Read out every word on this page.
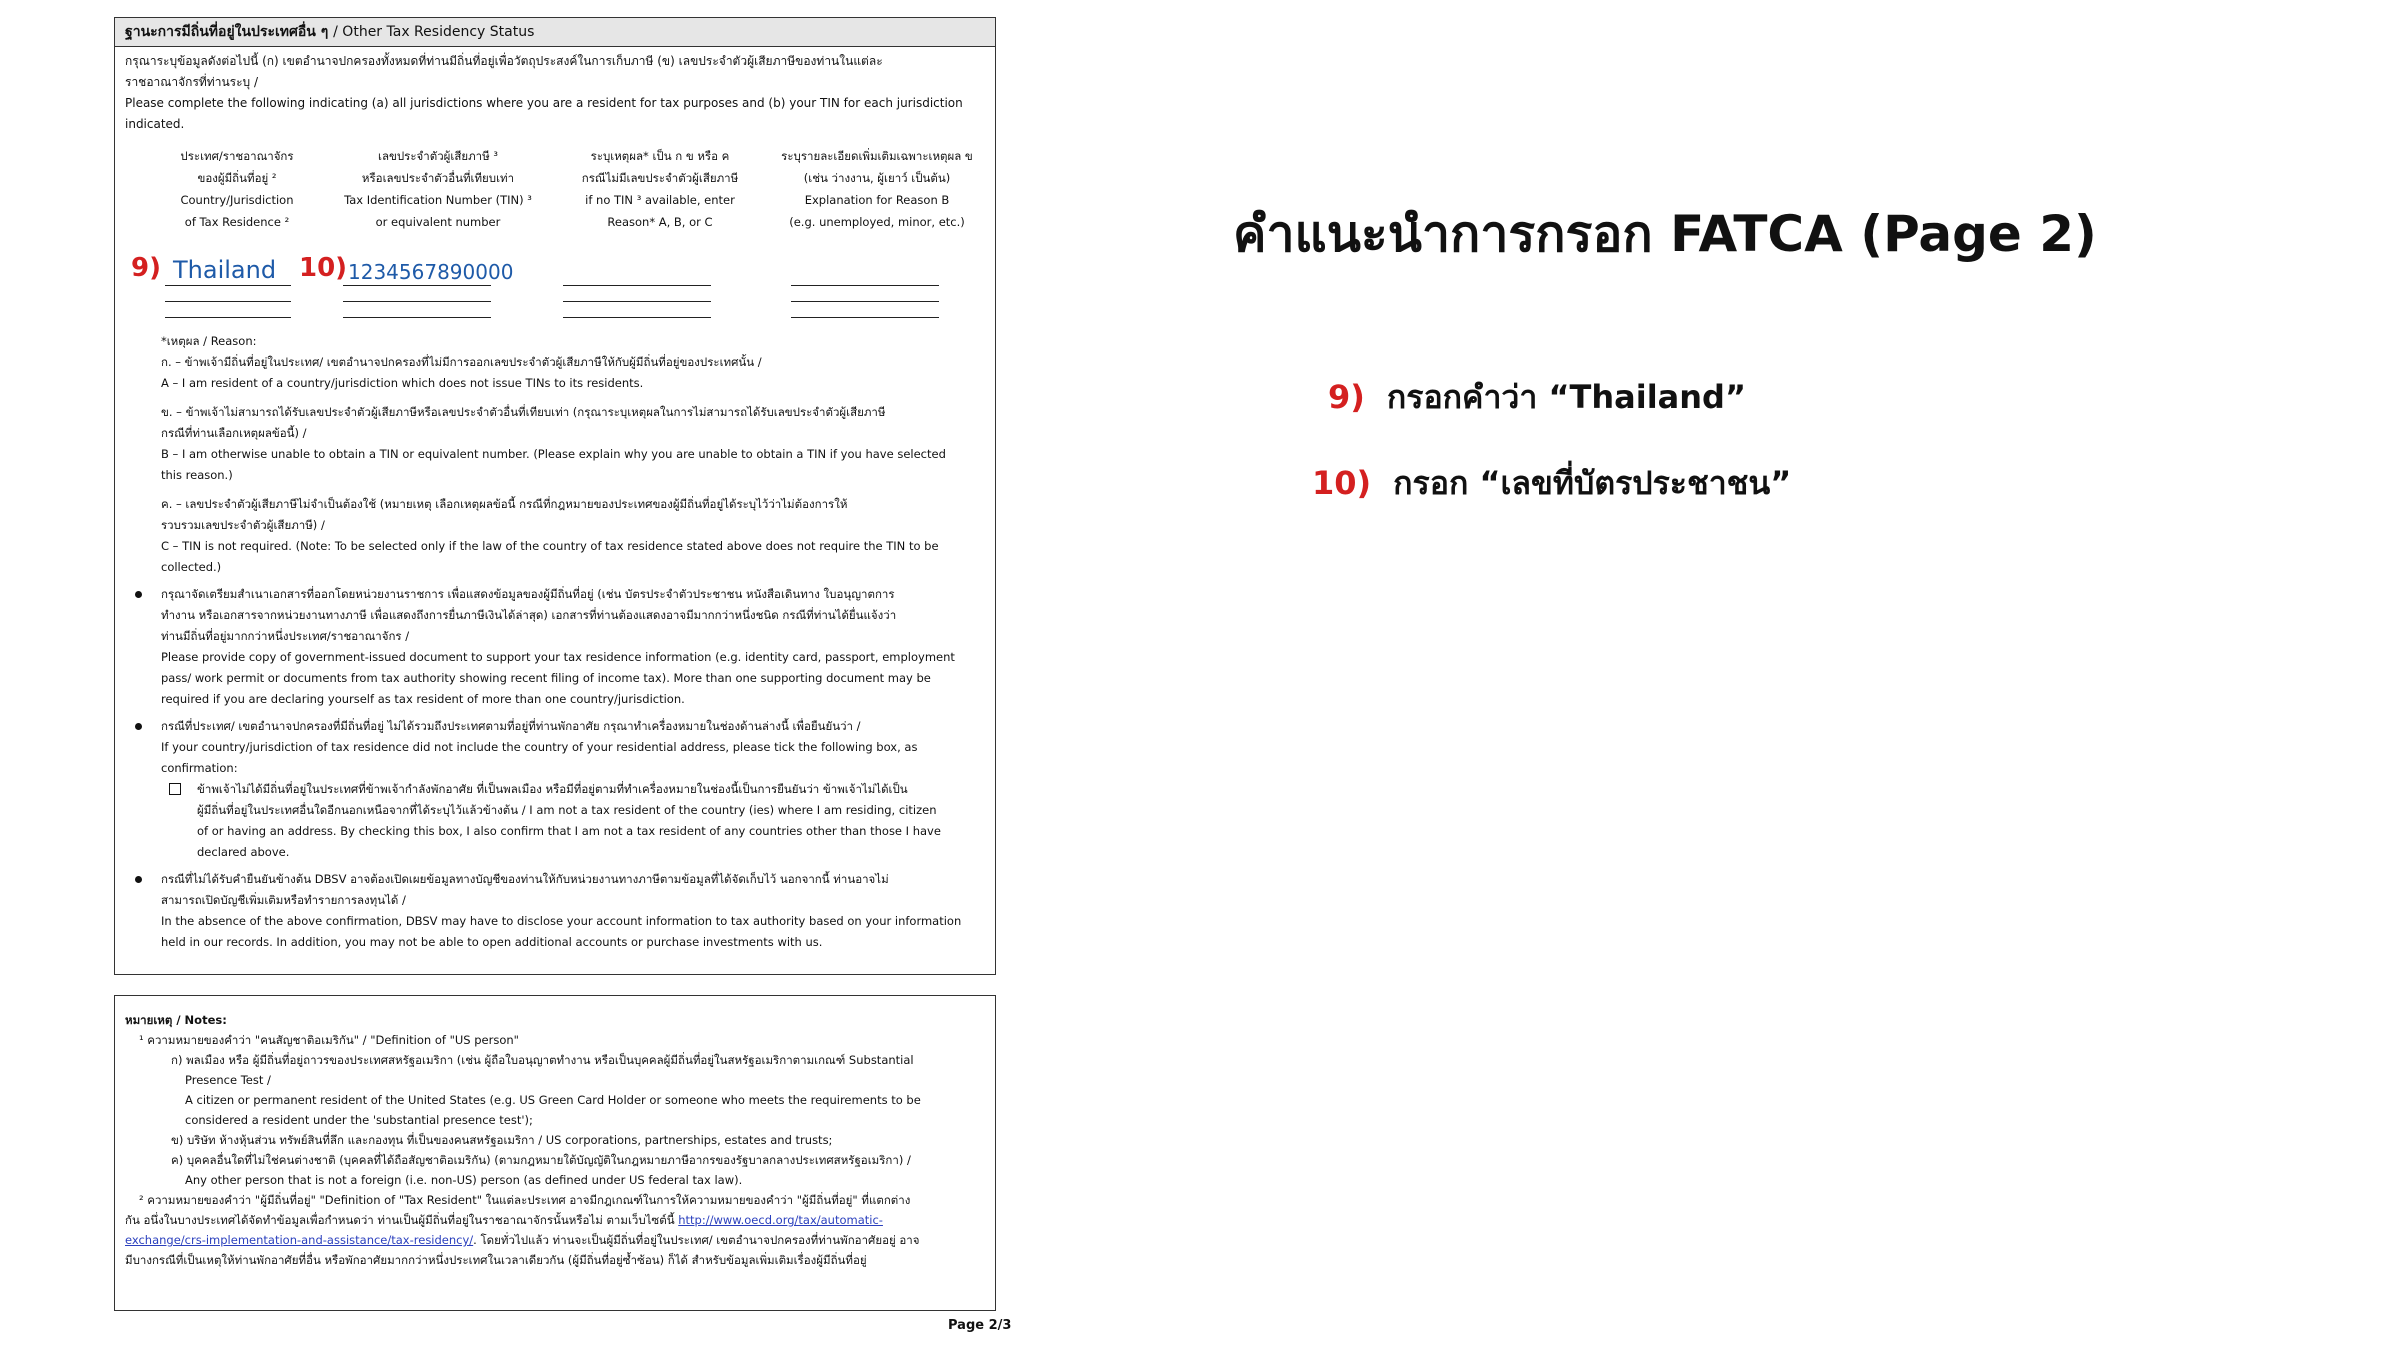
ฐานะการมีถิ่นที่อยู่ในประเทศอื่น ๆ / Other Tax Residency Status
กรุณาระบุข้อมูลดังต่อไปนี้ (ก) เขตอำนาจปกครองทั้งหมดที่ท่านมีถิ่นที่อยู่เพื่อวัตถุประสงค์ในการเก็บภาษี (ข) เลขประจำตัวผู้เสียภาษีของท่านในแต่ละ
ราชอาณาจักรที่ท่านระบุ /
Please complete the following indicating (a) all jurisdictions where you are a resident for tax purposes and (b) your TIN for each jurisdiction
indicated.
ประเทศ/ราชอาณาจักร
ของผู้มีถิ่นที่อยู่ ²
Country/Jurisdiction
of Tax Residence ²
เลขประจำตัวผู้เสียภาษี ³
หรือเลขประจำตัวอื่นที่เทียบเท่า
Tax Identification Number (TIN) ³
or equivalent number
ระบุเหตุผล* เป็น ก ข หรือ ค
กรณีไม่มีเลขประจำตัวผู้เสียภาษี
if no TIN ³ available, enter
Reason* A, B, or C
ระบุรายละเอียดเพิ่มเติมเฉพาะเหตุผล ข
(เช่น ว่างงาน, ผู้เยาว์ เป็นต้น)
Explanation for Reason B
(e.g. unemployed, minor, etc.)
9) Thailand 10) 1234567890000
*เหตุผล / Reason:
ก. – ข้าพเจ้ามีถิ่นที่อยู่ในประเทศ/ เขตอำนาจปกครองที่ไม่มีการออกเลขประจำตัวผู้เสียภาษีให้กับผู้มีถิ่นที่อยู่ของประเทศนั้น /
A – I am resident of a country/jurisdiction which does not issue TINs to its residents.
ข. – ข้าพเจ้าไม่สามารถได้รับเลขประจำตัวผู้เสียภาษีหรือเลขประจำตัวอื่นที่เทียบเท่า (กรุณาระบุเหตุผลในการไม่สามารถได้รับเลขประจำตัวผู้เสียภาษี
กรณีที่ท่านเลือกเหตุผลข้อนี้) /
B – I am otherwise unable to obtain a TIN or equivalent number. (Please explain why you are unable to obtain a TIN if you have selected
this reason.)
ค. – เลขประจำตัวผู้เสียภาษีไม่จำเป็นต้องใช้ (หมายเหตุ เลือกเหตุผลข้อนี้ กรณีที่กฎหมายของประเทศของผู้มีถิ่นที่อยู่ได้ระบุไว้ว่าไม่ต้องการให้
รวบรวมเลขประจำตัวผู้เสียภาษี) /
C – TIN is not required. (Note: To be selected only if the law of the country of tax residence stated above does not require the TIN to be
collected.)
กรุณาจัดเตรียมสำเนาเอกสารที่ออกโดยหน่วยงานราชการ เพื่อแสดงข้อมูลของผู้มีถิ่นที่อยู่ (เช่น บัตรประจำตัวประชาชน หนังสือเดินทาง ใบอนุญาตการ
ทำงาน หรือเอกสารจากหน่วยงานทางภาษี เพื่อแสดงถึงการยื่นภาษีเงินได้ล่าสุด) เอกสารที่ท่านต้องแสดงอาจมีมากกว่าหนึ่งชนิด กรณีที่ท่านได้ยื่นแจ้งว่า
ท่านมีถิ่นที่อยู่มากกว่าหนึ่งประเทศ/ราชอาณาจักร /
Please provide copy of government-issued document to support your tax residence information (e.g. identity card, passport, employment
pass/ work permit or documents from tax authority showing recent filing of income tax). More than one supporting document may be
required if you are declaring yourself as tax resident of more than one country/jurisdiction.
กรณีที่ประเทศ/ เขตอำนาจปกครองที่มีถิ่นที่อยู่ ไม่ได้รวมถึงประเทศตามที่อยู่ที่ท่านพักอาศัย กรุณาทำเครื่องหมายในช่องด้านล่างนี้ เพื่อยืนยันว่า /
If your country/jurisdiction of tax residence did not include the country of your residential address, please tick the following box, as
confirmation:
ข้าพเจ้าไม่ได้มีถิ่นที่อยู่ในประเทศที่ข้าพเจ้ากำลังพักอาศัย ที่เป็นพลเมือง หรือมีที่อยู่ตามที่ทำเครื่องหมายในช่องนี้เป็นการยืนยันว่า ข้าพเจ้าไม่ได้เป็น
ผู้มีถิ่นที่อยู่ในประเทศอื่นใดอีกนอกเหนือจากที่ได้ระบุไว้แล้วข้างต้น / I am not a tax resident of the country (ies) where I am residing, citizen
of or having an address. By checking this box, I also confirm that I am not a tax resident of any countries other than those I have
declared above.
กรณีที่ไม่ได้รับคำยืนยันข้างต้น DBSV อาจต้องเปิดเผยข้อมูลทางบัญชีของท่านให้กับหน่วยงานทางภาษีตามข้อมูลที่ได้จัดเก็บไว้ นอกจากนี้ ท่านอาจไม่
สามารถเปิดบัญชีเพิ่มเติมหรือทำรายการลงทุนได้ /
In the absence of the above confirmation, DBSV may have to disclose your account information to tax authority based on your information
held in our records. In addition, you may not be able to open additional accounts or purchase investments with us.
หมายเหตุ / Notes:
¹ ความหมายของคำว่า "คนสัญชาติอเมริกัน" / "Definition of "US person"
ก) พลเมือง หรือ ผู้มีถิ่นที่อยู่ถาวรของประเทศสหรัฐอเมริกา (เช่น ผู้ถือใบอนุญาตทำงาน หรือเป็นบุคคลผู้มีถิ่นที่อยู่ในสหรัฐอเมริกาตามเกณฑ์ Substantial
Presence Test /
A citizen or permanent resident of the United States (e.g. US Green Card Holder or someone who meets the requirements to be
considered a resident under the 'substantial presence test');
ข) บริษัท ห้างหุ้นส่วน ทรัพย์สินที่ลึก และกองทุน ที่เป็นของคนสหรัฐอเมริกา / US corporations, partnerships, estates and trusts;
ค) บุคคลอื่นใดที่ไม่ใช่คนต่างชาติ (บุคคลที่ได้ถือสัญชาติอเมริกัน) (ตามกฎหมายใต้บัญญัติในกฎหมายภาษีอากรของรัฐบาลกลางประเทศสหรัฐอเมริกา) /
Any other person that is not a foreign (i.e. non-US) person (as defined under US federal tax law).
² ความหมายของคำว่า "ผู้มีถิ่นที่อยู่" "Definition of "Tax Resident" ในแต่ละประเทศ อาจมีกฎเกณฑ์ในการให้ความหมายของคำว่า "ผู้มีถิ่นที่อยู่" ที่แตกต่าง
กัน อนึ่งในบางประเทศได้จัดทำข้อมูลเพื่อกำหนดว่า ท่านเป็นผู้มีถิ่นที่อยู่ในราชอาณาจักรนั้นหรือไม่ ตามเว็บไซต์นี้ http://www.oecd.org/tax/automatic-
exchange/crs-implementation-and-assistance/tax-residency/. โดยทั่วไปแล้ว ท่านจะเป็นผู้มีถิ่นที่อยู่ในประเทศ/ เขตอำนาจปกครองที่ท่านพักอาศัยอยู่ อาจ
มีบางกรณีที่เป็นเหตุให้ท่านพักอาศัยที่อื่น หรือพักอาศัยมากกว่าหนึ่งประเทศในเวลาเดียวกัน (ผู้มีถิ่นที่อยู่ซ้ำซ้อน) ก็ได้ สำหรับข้อมูลเพิ่มเติมเรื่องผู้มีถิ่นที่อยู่
Page 2/3
คำแนะนำการกรอก FATCA (Page 2)
9) กรอกคำว่า “Thailand”
10) กรอก “เลขที่บัตรประชาชน”
